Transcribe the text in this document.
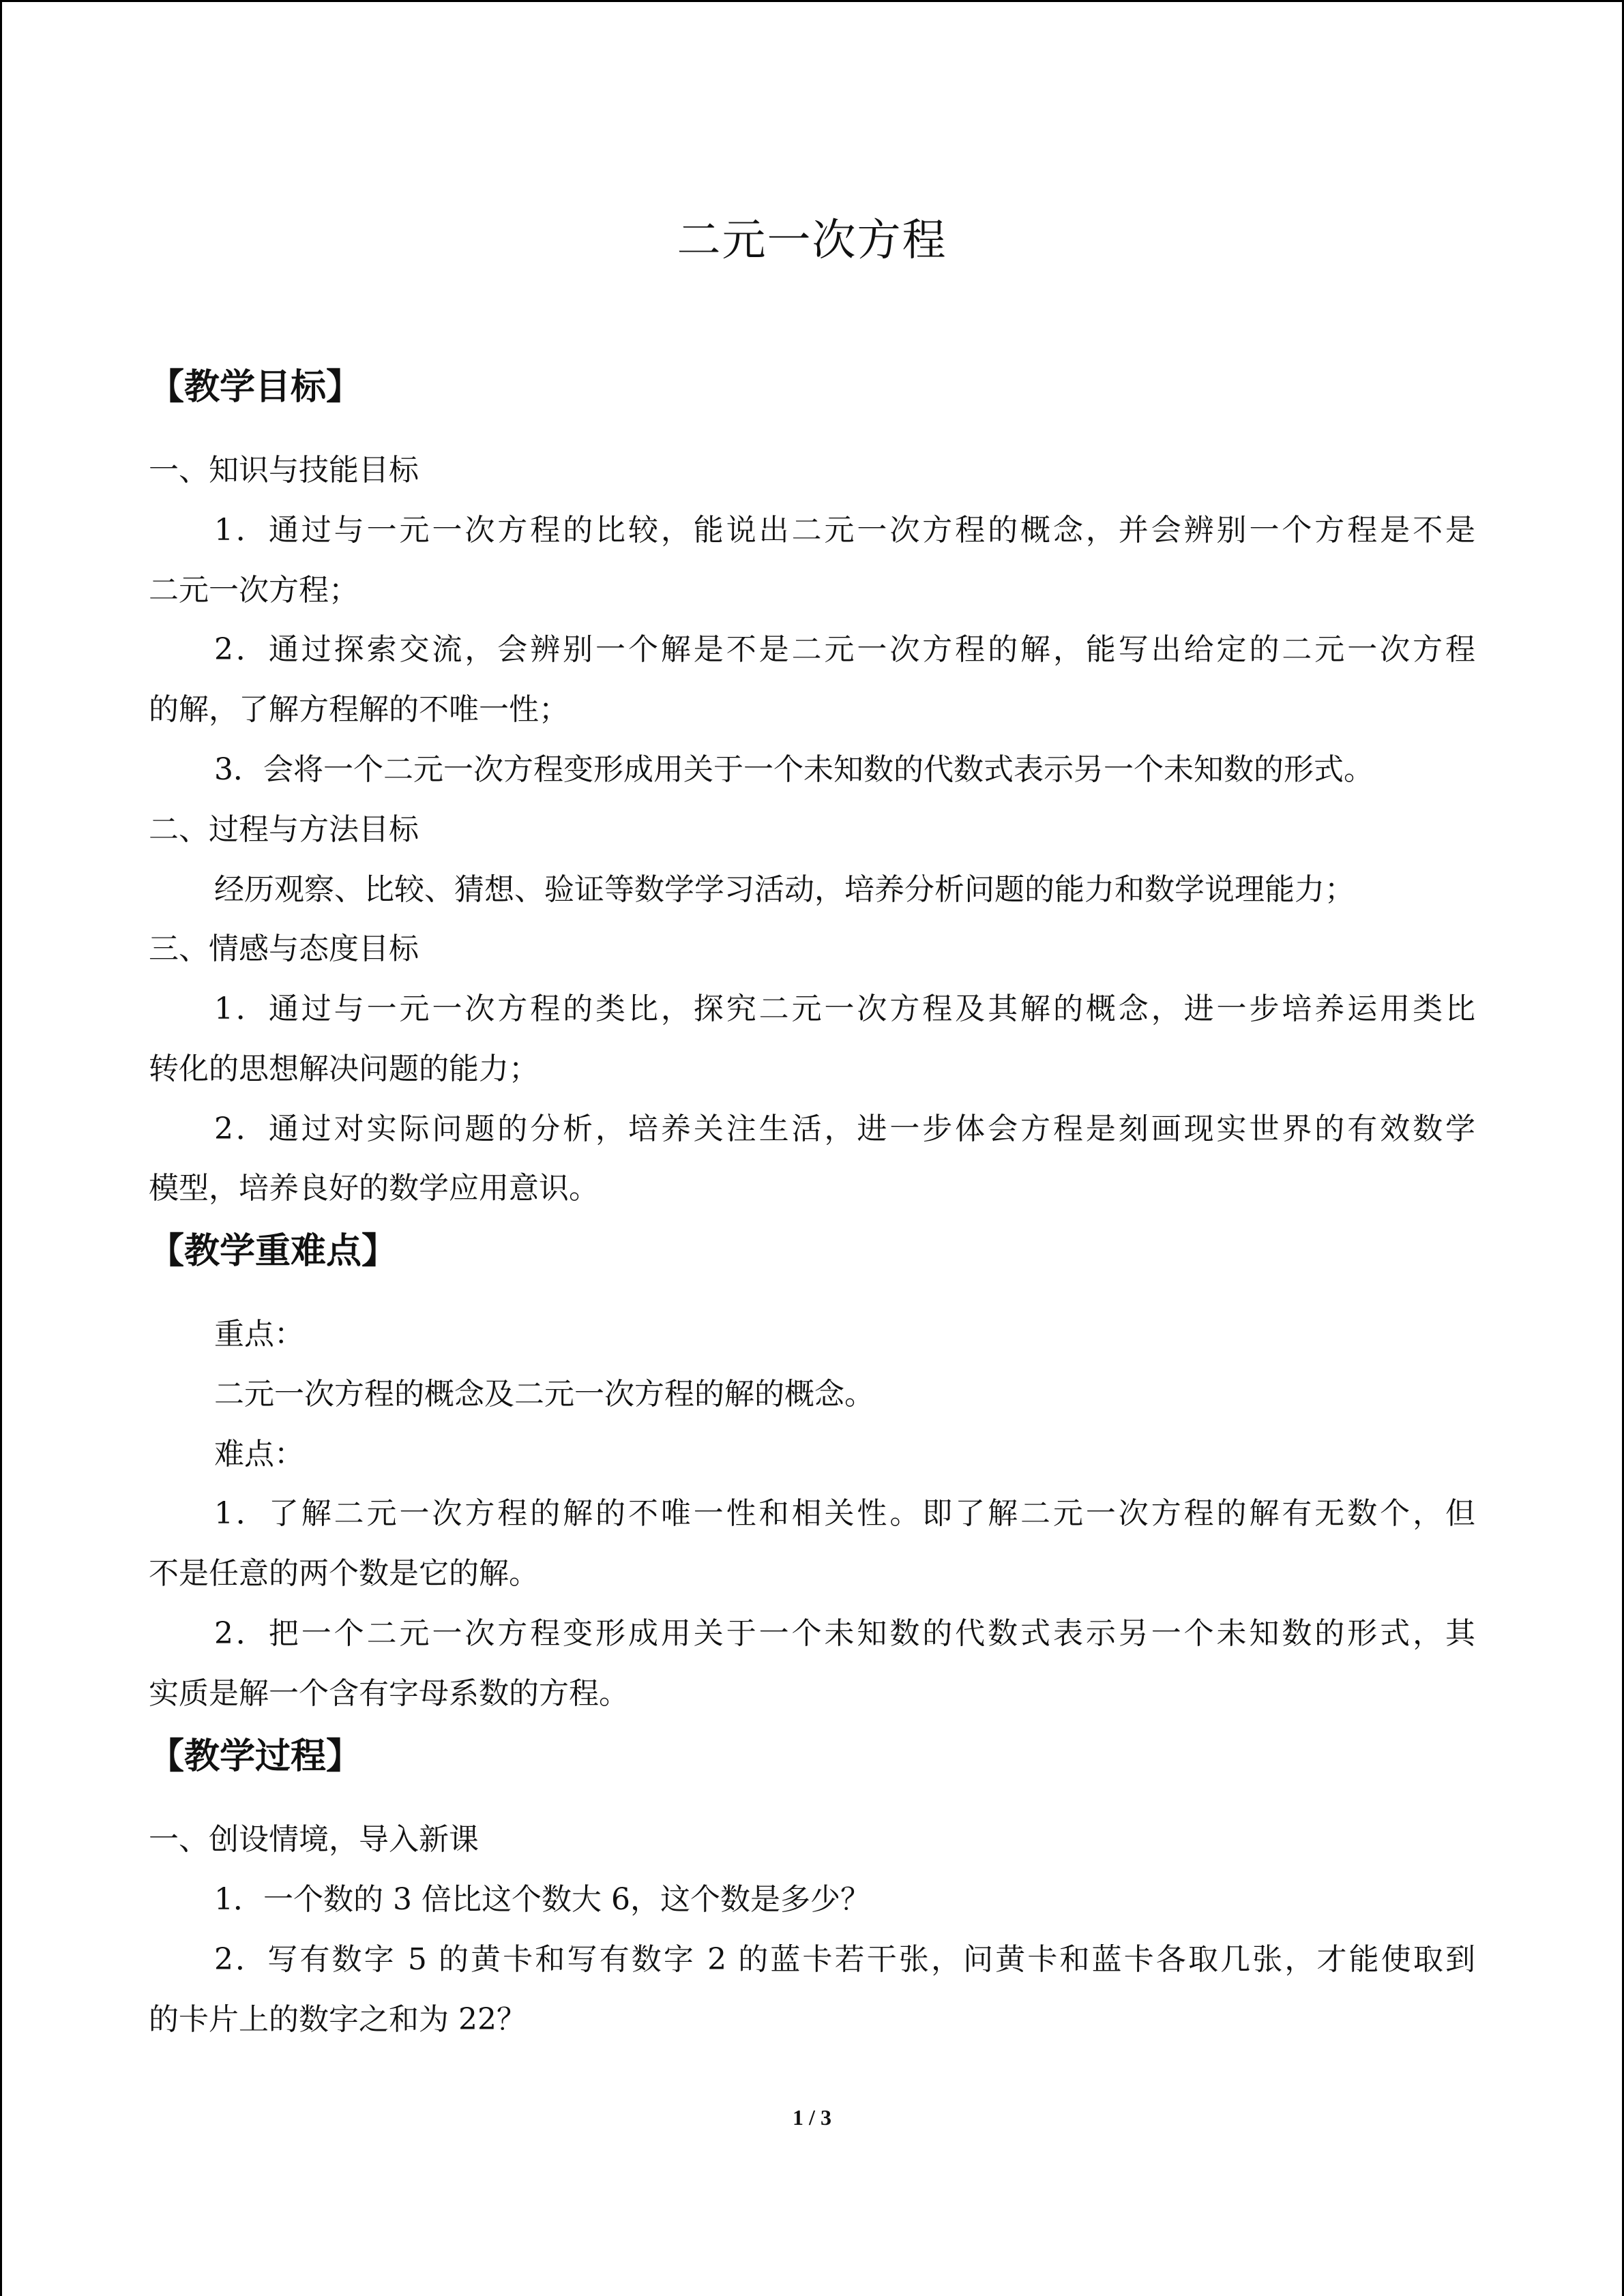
二元一次方程
【教学目标】
一、知识与技能目标
1．通过与一元一次方程的比较，能说出二元一次方程的概念，并会辨别一个方程是不是
二元一次方程；
2．通过探索交流，会辨别一个解是不是二元一次方程的解，能写出给定的二元一次方程
的解，了解方程解的不唯一性；
3．会将一个二元一次方程变形成用关于一个未知数的代数式表示另一个未知数的形式。
二、过程与方法目标
经历观察、比较、猜想、验证等数学学习活动，培养分析问题的能力和数学说理能力；
三、情感与态度目标
1．通过与一元一次方程的类比，探究二元一次方程及其解的概念，进一步培养运用类比
转化的思想解决问题的能力；
2．通过对实际问题的分析，培养关注生活，进一步体会方程是刻画现实世界的有效数学
模型，培养良好的数学应用意识。
【教学重难点】
重点：
二元一次方程的概念及二元一次方程的解的概念。
难点：
1．了解二元一次方程的解的不唯一性和相关性。即了解二元一次方程的解有无数个，但
不是任意的两个数是它的解。
2．把一个二元一次方程变形成用关于一个未知数的代数式表示另一个未知数的形式，其
实质是解一个含有字母系数的方程。
【教学过程】
一、创设情境，导入新课
1．一个数的 3 倍比这个数大 6，这个数是多少？
2．写有数字 5 的黄卡和写有数字 2 的蓝卡若干张，问黄卡和蓝卡各取几张，才能使取到
的卡片上的数字之和为 22？
1 / 3
